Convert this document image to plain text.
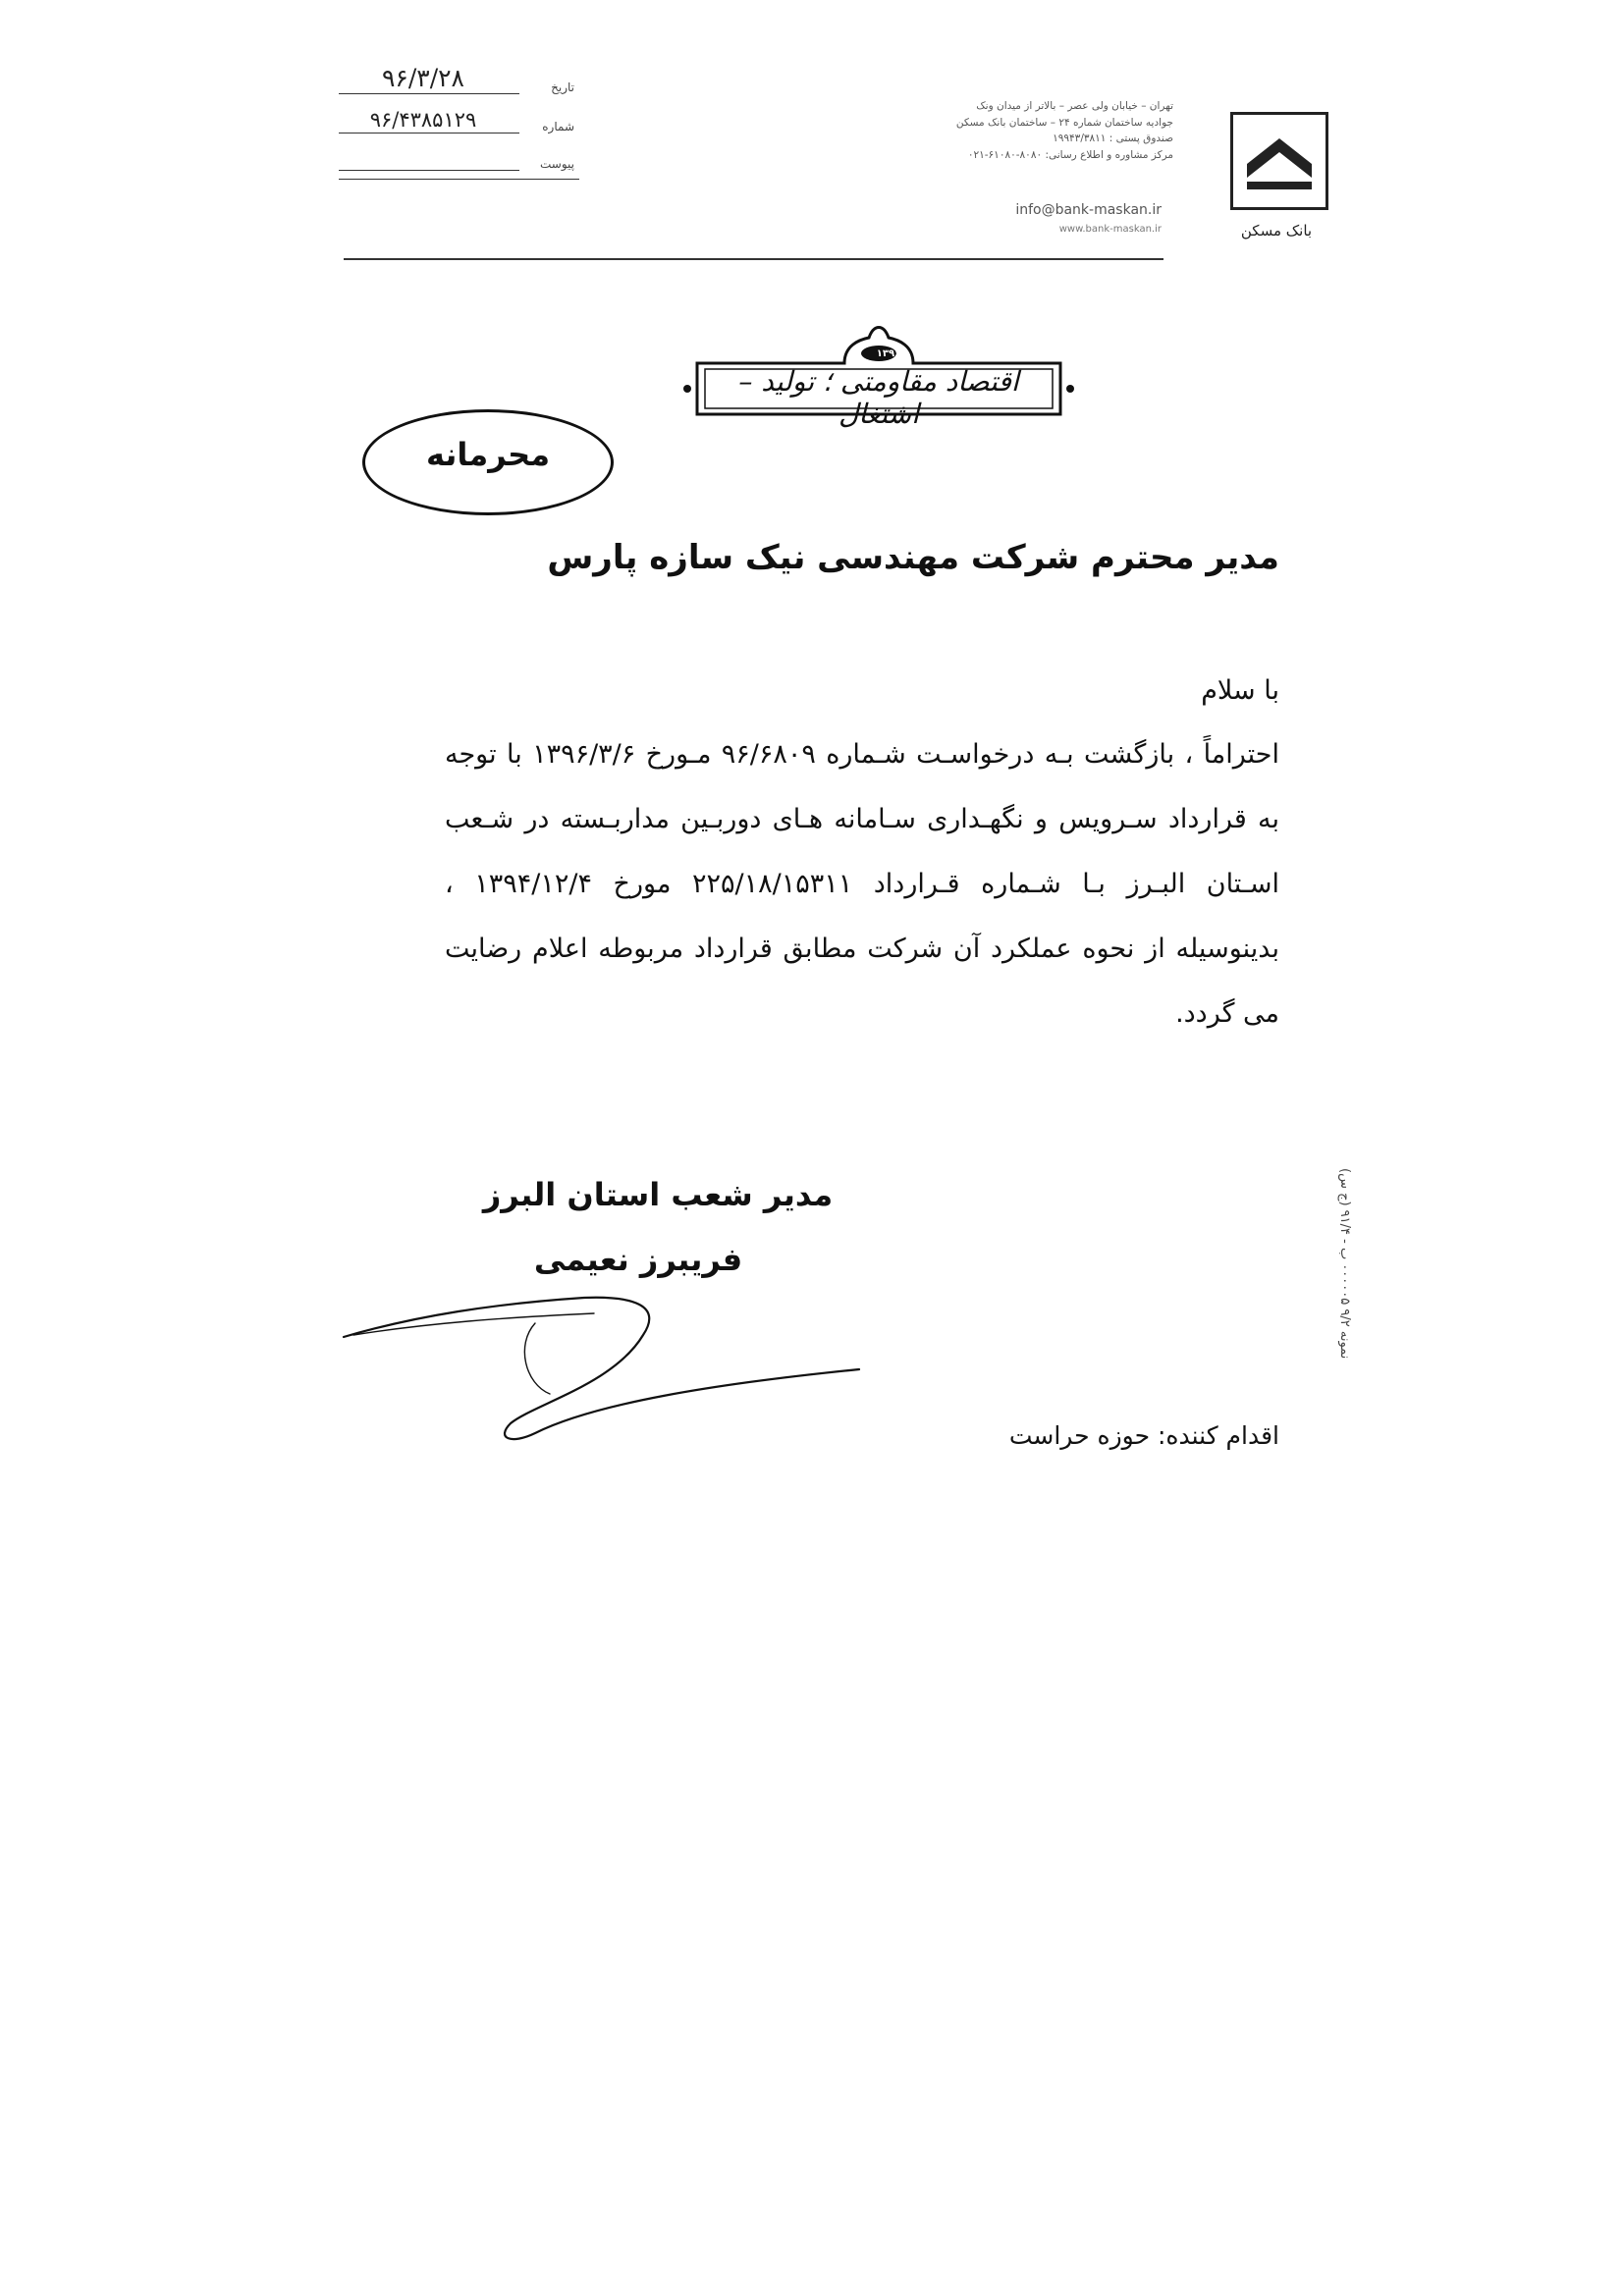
تاریخ
۹۶/۳/۲۸
شماره
۹۶/۴۳۸۵۱۲۹
پیوست
تهران – خیابان ولی عصر – بالاتر از میدان ونک
جوادیه ساختمان شماره ۲۴ – ساختمان بانک مسکن
صندوق پستی : ۱۹۹۴۳/۳۸۱۱
مرکز مشاوره و اطلاع رسانی: ۸۰۸۰-۶۱۰۸۰-۰۲۱
info@bank-maskan.ir
www.bank-maskan.ir	بانک مسکن
۱۳۹۶
اقتصاد مقاومتی ؛ تولید – اشتغال
محرمانه
مدیر محترم شرکت مهندسی نیک سازه پارس
با سلام
احتراماً ، بازگشت بـه درخواسـت شـماره ۹۶/۶۸۰۹ مـورخ ۱۳۹۶/۳/۶ با توجه به قرارداد سـرویس و نگهـداری سـامانه هـای دوربـین مداربـسته در شـعب اسـتان البـرز بـا شـماره قـرارداد ۲۲۵/۱۸/۱۵۳۱۱ مورخ ۱۳۹۴/۱۲/۴ ، بدینوسیله از نحوه عملکرد آن شرکت مطابق قرارداد مربوطه اعلام رضایت می گردد.
مدیر شعب استان البرز
فریبرز نعیمی
اقدام کننده: حوزه حراست
نمونه ۹/۲ ۰۰۰۰۰۵ ب - ۹۱/۴ (ج س)
